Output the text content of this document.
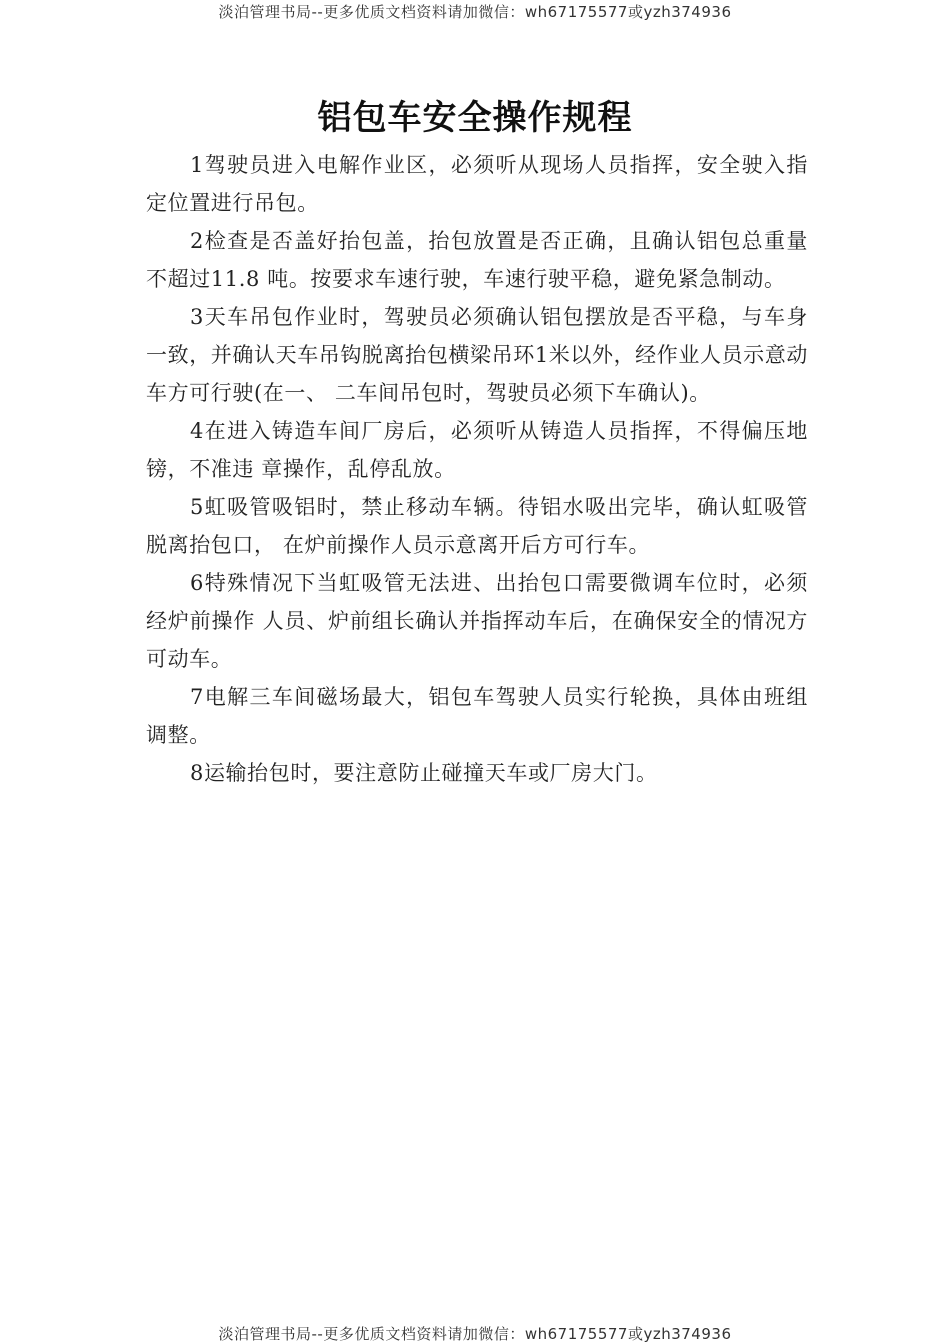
淡泊管理书局--更多优质文档资料请加微信：wh67175577或yzh374936
铝包车安全操作规程

1驾驶员进入电解作业区，必须听从现场人员指挥，安全驶入指定位置进行吊包。

2检查是否盖好抬包盖，抬包放置是否正确，且确认铝包总重量不超过11.8 吨。按要求车速行驶，车速行驶平稳，避免紧急制动。

3天车吊包作业时，驾驶员必须确认铝包摆放是否平稳，与车身一致，并确认天车吊钩脱离抬包横梁吊环1米以外，经作业人员示意动车方可行驶(在一、 二车间吊包时，驾驶员必须下车确认)。

4在进入铸造车间厂房后，必须听从铸造人员指挥，不得偏压地镑，不准违 章操作，乱停乱放。

5虹吸管吸铝时，禁止移动车辆。待铝水吸出完毕，确认虹吸管脱离抬包口， 在炉前操作人员示意离开后方可行车。

6特殊情况下当虹吸管无法进、出抬包口需要微调车位时，必须经炉前操作 人员、炉前组长确认并指挥动车后，在确保安全的情况方可动车。

7电解三车间磁场最大，铝包车驾驶人员实行轮换，具体由班组调整。

8运输抬包时，要注意防止碰撞天车或厂房大门。

淡泊管理书局--更多优质文档资料请加微信：wh67175577或yzh374936
